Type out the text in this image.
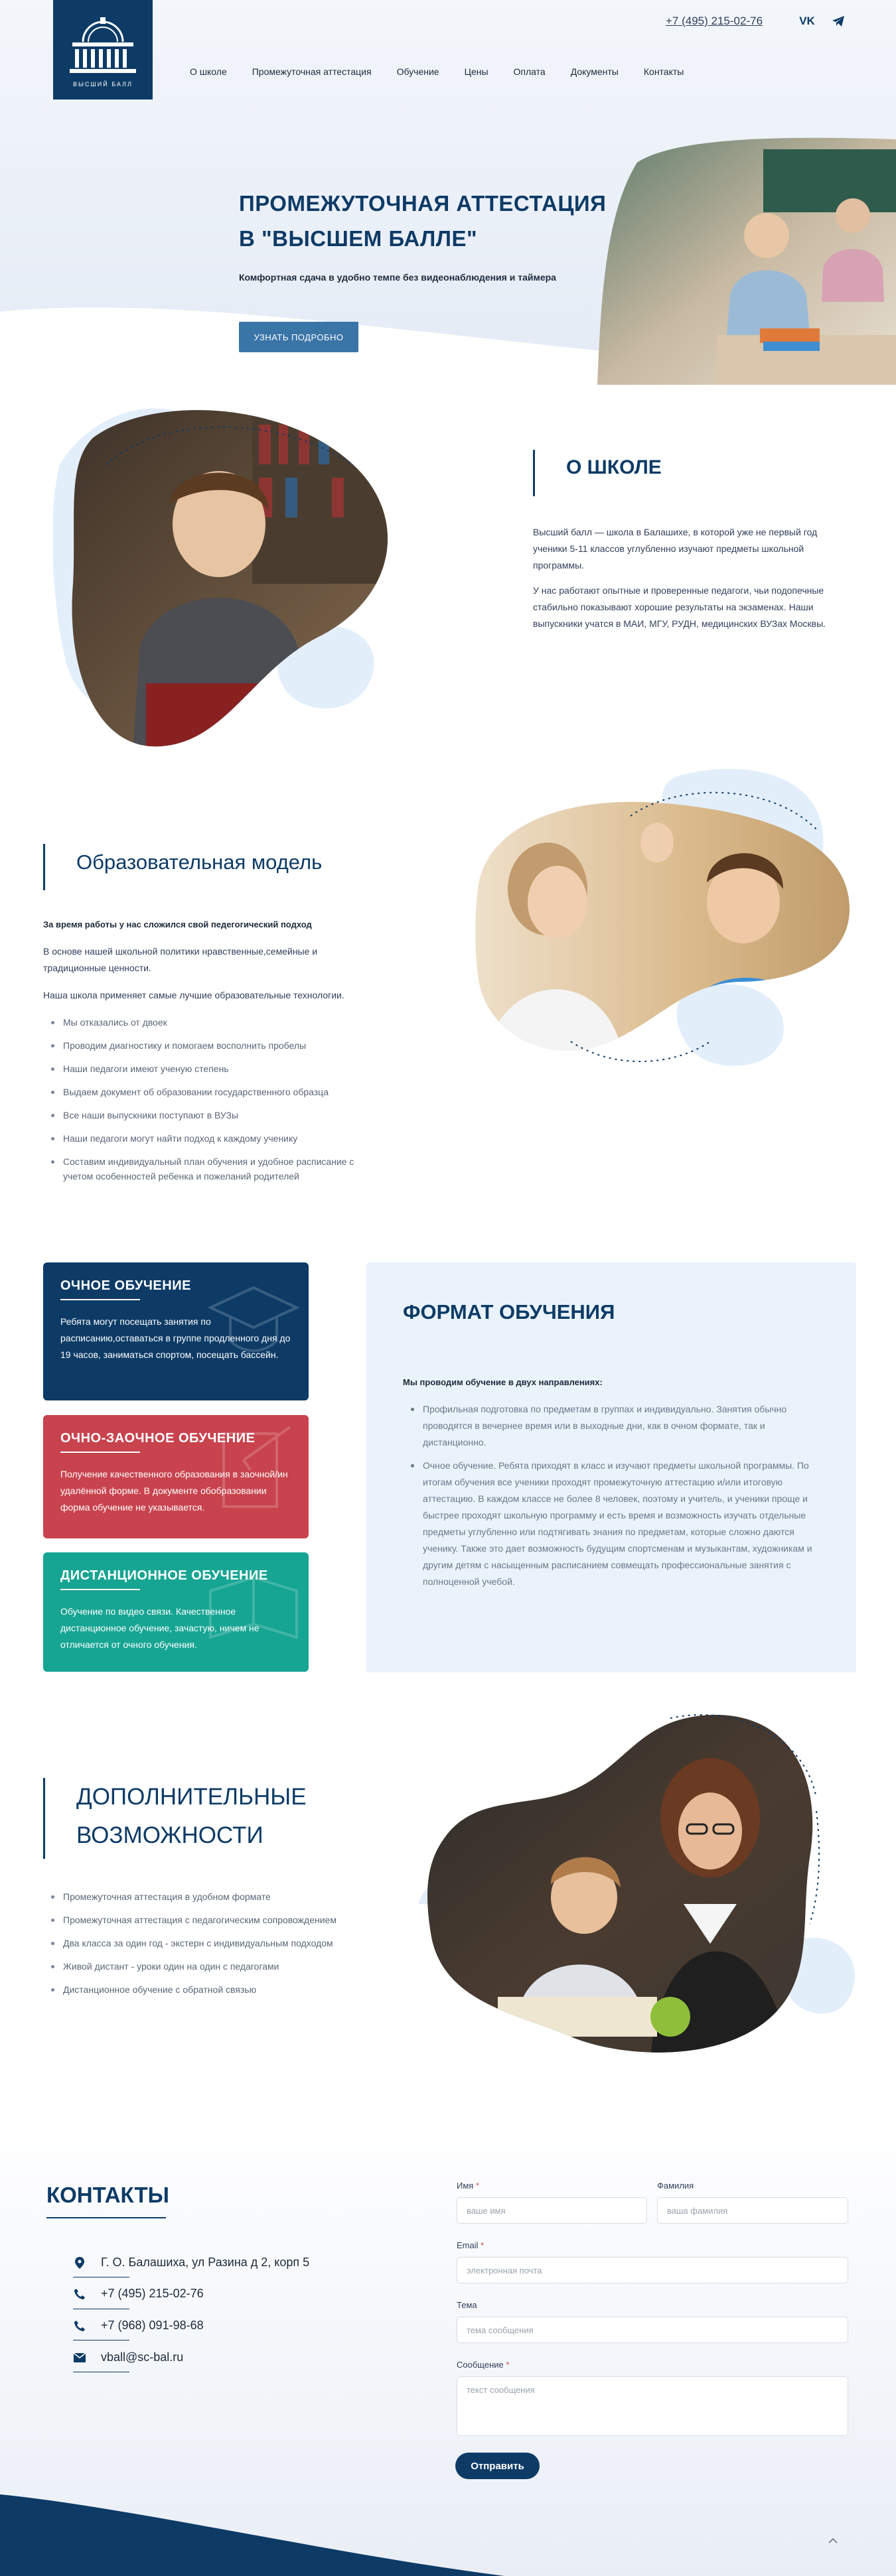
ВЫСШИЙ БАЛЛ
+7 (495) 215-02-76	VK
О школе	Промежуточная аттестация	Обучение	Цены	Оплата	Документы	Контакты
ПРОМЕЖУТОЧНАЯ АТТЕСТАЦИЯ
В "ВЫСШЕМ БАЛЛЕ"
Комфортная сдача в удобно темпе без видеонаблюдения и таймера
УЗНАТЬ ПОДРОБНО
О ШКОЛЕ
Высший балл — школа в Балашихе, в которой уже не первый год ученики 5-11 классов углубленно изучают предметы школьной программы.
У нас работают опытные и проверенные педагоги, чьи подопечные стабильно показывают хорошие результаты на экзаменах. Наши выпускники учатся в МАИ, МГУ, РУДН, медицинских ВУЗах Москвы.
Образовательная модель
За время работы у нас сложился свой педегогический подход
В основе нашей школьной политики нравственные,семейные и традиционные ценности.
Наша школа применяет самые лучшие образовательные технологии.
Мы отказались от двоек
Проводим диагностику и помогаем восполнить пробелы
Наши педагоги имеют ученую степень
Выдаем документ об образовании государственного образца
Все наши выпускники поступают в ВУЗы
Наши педагоги могут найти подход к каждому ученику
Составим индивидуальный план обучения и удобное расписание с учетом особенностей ребенка и пожеланий родителей
ОЧНОЕ ОБУЧЕНИЕ
Ребята могут посещать занятия по расписанию,оставаться в группе продленного дня до 19 часов, заниматься спортом, посещать бассейн.
ОЧНО-ЗАОЧНОЕ ОБУЧЕНИЕ
Получение качественного образования в заочной/ин удалённой форме. В документе обобразовании форма обучение не указывается.
ДИСТАНЦИОННОЕ ОБУЧЕНИЕ
Обучение по видео связи. Качественное дистанционное обучение, зачастую, ничем не отличается от очного обучения.
ФОРМАТ ОБУЧЕНИЯ
Мы проводим обучение в двух направлениях:
Профильная подготовка по предметам в группах и индивидуально. Занятия обычно проводятся в вечернее время или в выходные дни, как в очном формате, так и дистанционно.
Очное обучение. Ребята приходят в класс и изучают предметы школьной программы. По итогам обучения все ученики проходят промежуточную аттестацию и/или итоговую аттестацию. В каждом классе не более 8 человек, поэтому и учитель, и ученики проще и быстрее проходят школьную программу и есть время и возможность изучать отдельные предметы углубленно или подтягивать знания по предметам, которые сложно даются ученику. Также это дает возможность будущим спортсменам и музыкантам, художникам и другим детям с насыщенным расписанием совмещать профессиональные занятия с полноценной учебой.
ДОПОЛНИТЕЛЬНЫЕ
ВОЗМОЖНОСТИ
Промежуточная аттестация в удобном формате
Промежуточная аттестация с педагогическим сопровождением
Два класса за один год - экстерн с индивидуальным подходом
Живой дистант - уроки один на один с педагогами
Дистанционное обучение с обратной связью
КОНТАКТЫ
Г. О. Балашиха, ул Разина д 2, корп 5
+7 (495) 215-02-76
+7 (968) 091-98-68
vball@sc-bal.ru
Имя *
ваше имя
Фамилия
ваша фамилия
Email *
электронная почта
Тема
тема сообщения
Сообщение *
текст сообщения
Отправить
